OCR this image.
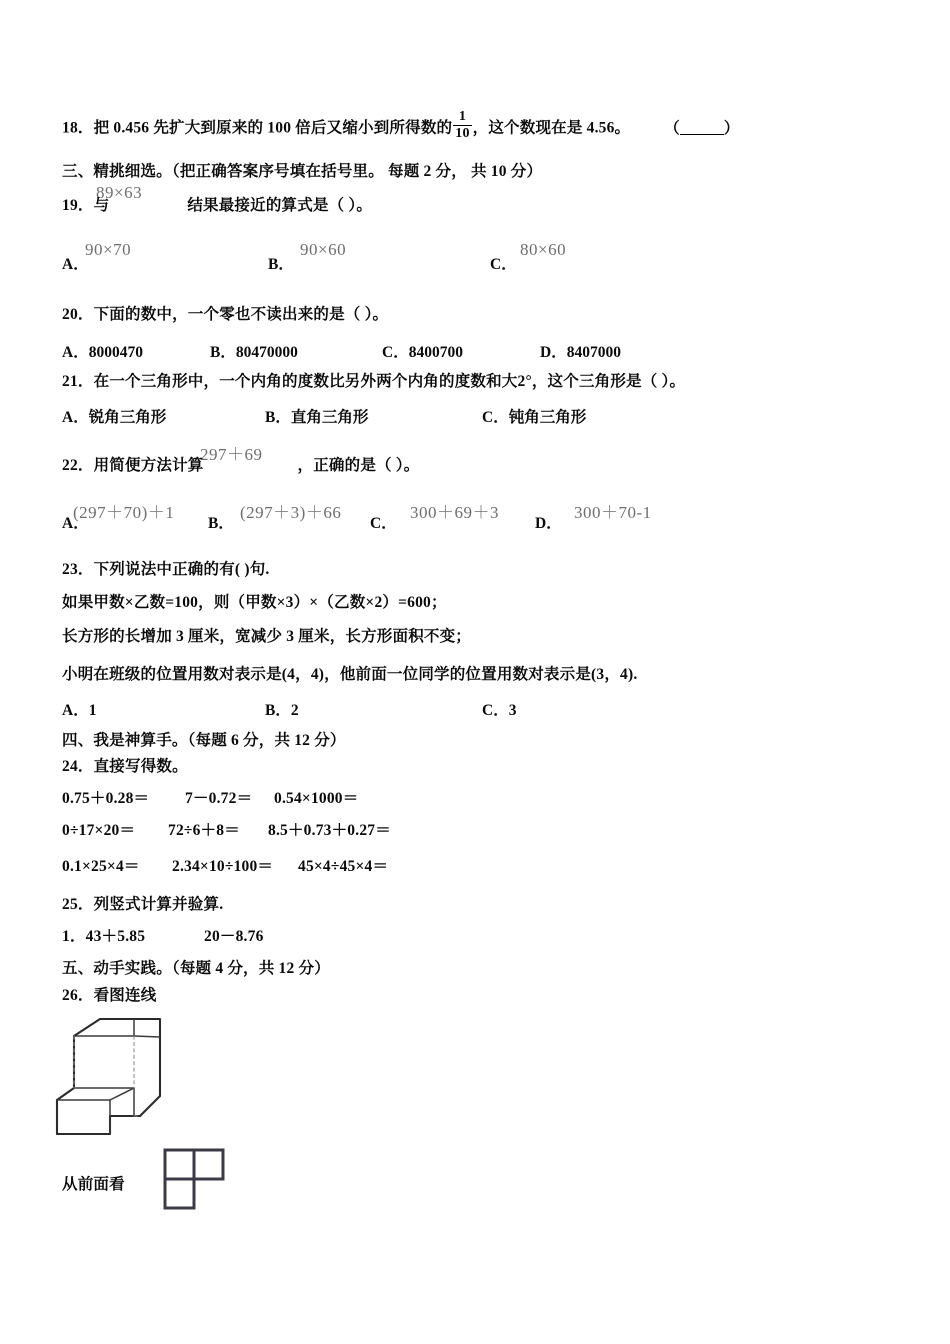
18．把 0.456 先扩大到原来的 100 倍后又缩小到所得数的 $\frac{1}{10}$ ，这个数现在是 4.56。 （	）
三、精挑细选。（把正确答案序号填在括号里。 每题 2 分， 共 10 分）
89×63
19．与	结果最接近的算式是（ ）。
A．
90×70
B．
90×60
C．
80×60
20．下面的数中，一个零也不读出来的是（ ）。
A．8000470	B．80470000	C．8400700	D．8407000
21．在一个三角形中，一个内角的度数比另外两个内角的度数和大2°，这个三角形是（ ）。
A．锐角三角形	B．直角三角形	C．钝角三角形
297＋69
22．用简便方法计算	，正确的是（ ）。
A．
(297＋70)＋1
B．
(297＋3)＋66
C．
300＋69＋3
D．
300＋70‑1
23．下列说法中正确的有( )句.
如果甲数×乙数=100，则（甲数×3）×（乙数×2）=600；
长方形的长增加 3 厘米，宽减少 3 厘米，长方形面积不变；
小明在班级的位置用数对表示是(4，4)，他前面一位同学的位置用数对表示是(3，4).
A．1	B．2	C．3
四、我是神算手。（每题 6 分，共 12 分）
24．直接写得数。
0.75＋0.28＝ 7－0.72＝ 0.54×1000＝
0÷17×20＝ 72÷6＋8＝ 8.5＋0.73＋0.27＝
0.1×25×4＝ 2.34×10÷100＝ 45×4÷45×4＝
25．列竖式计算并验算.
1．43＋5.85	20－8.76
五、动手实践。（每题 4 分，共 12 分）
26．看图连线
从前面看
